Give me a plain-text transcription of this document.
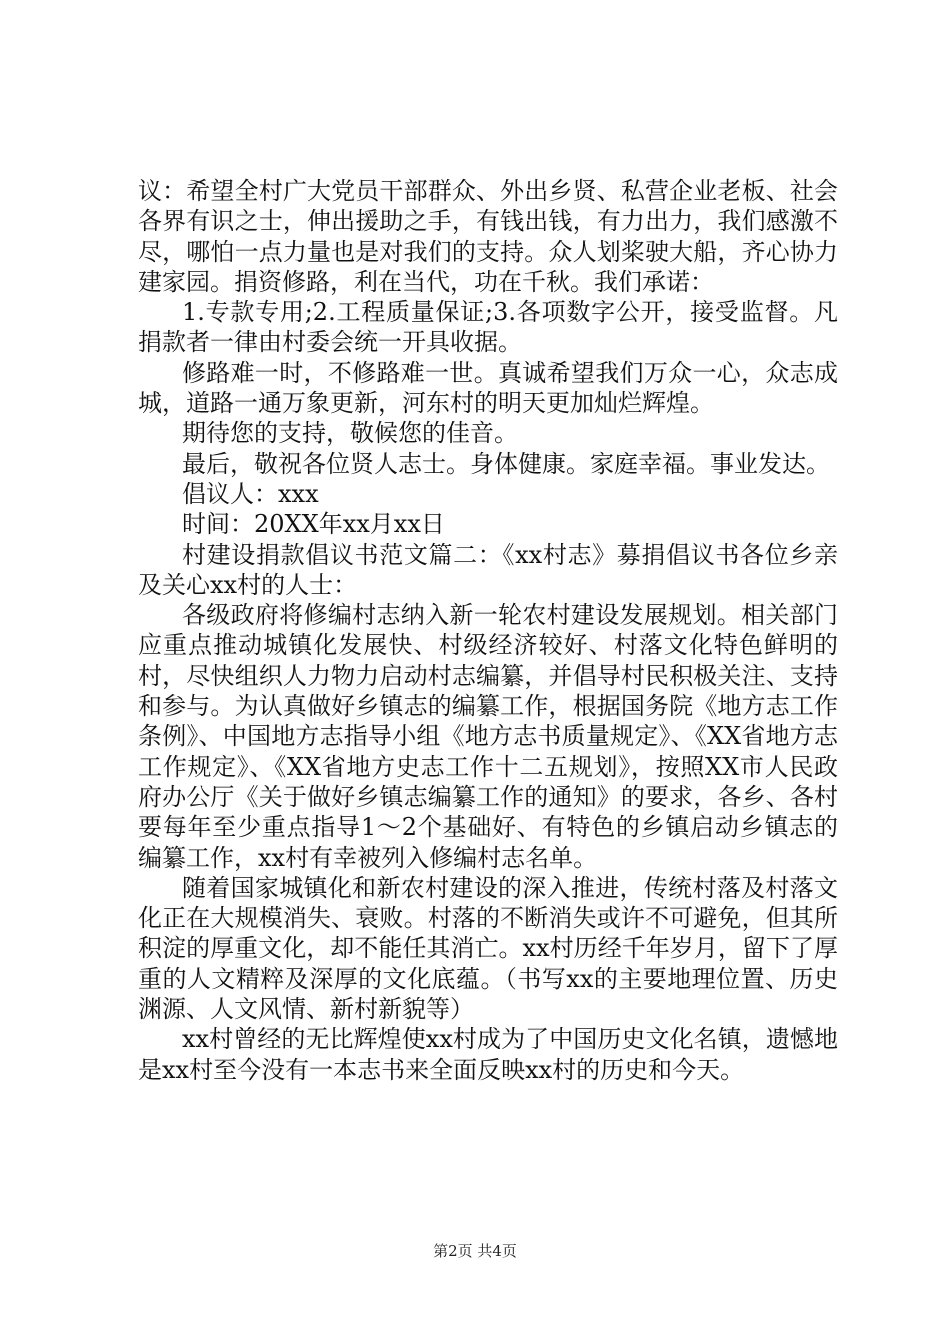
议：希望全村广大党员干部群众、外出乡贤、私营企业老板、社会各界有识之士，伸出援助之手，有钱出钱，有力出力，我们感激不尽，哪怕一点力量也是对我们的支持。众人划桨驶大船，齐心协力建家园。捐资修路，利在当代，功在千秋。我们承诺：

1.专款专用;2.工程质量保证;3.各项数字公开，接受监督。凡捐款者一律由村委会统一开具收据。

修路难一时，不修路难一世。真诚希望我们万众一心，众志成城，道路一通万象更新，河东村的明天更加灿烂辉煌。

期待您的支持，敬候您的佳音。

最后，敬祝各位贤人志士。身体健康。家庭幸福。事业发达。

倡议人：xxx

时间：20XX年xx月xx日

村建设捐款倡议书范文篇二：《xx村志》募捐倡议书各位乡亲及关心xx村的人士：

各级政府将修编村志纳入新一轮农村建设发展规划。相关部门应重点推动城镇化发展快、村级经济较好、村落文化特色鲜明的村，尽快组织人力物力启动村志编纂，并倡导村民积极关注、支持和参与。为认真做好乡镇志的编纂工作，根据国务院《地方志工作条例》、中国地方志指导小组《地方志书质量规定》、《XX省地方志工作规定》、《XX省地方史志工作十二五规划》，按照XX市人民政府办公厅《关于做好乡镇志编纂工作的通知》的要求，各乡、各村要每年至少重点指导1～2个基础好、有特色的乡镇启动乡镇志的编纂工作，xx村有幸被列入修编村志名单。

随着国家城镇化和新农村建设的深入推进，传统村落及村落文化正在大规模消失、衰败。村落的不断消失或许不可避免，但其所积淀的厚重文化，却不能任其消亡。xx村历经千年岁月，留下了厚重的人文精粹及深厚的文化底蕴。（书写xx的主要地理位置、历史渊源、人文风情、新村新貌等）

xx村曾经的无比辉煌使xx村成为了中国历史文化名镇，遗憾地是xx村至今没有一本志书来全面反映xx村的历史和今天。

第2页 共4页
